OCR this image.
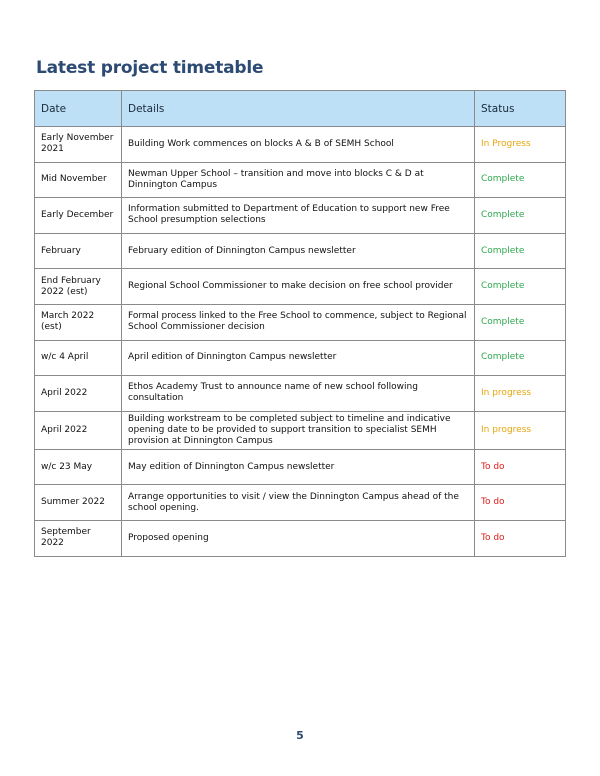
Latest project timetable
Date	Details	Status
Early November 2021	Building Work commences on blocks A & B of SEMH School	In Progress
Mid November	Newman Upper School – transition and move into blocks C & D at Dinnington Campus	Complete
Early December	Information submitted to Department of Education to support new Free School presumption selections	Complete
February	February edition of Dinnington Campus newsletter	Complete
End February 2022 (est)	Regional School Commissioner to make decision on free school provider	Complete
March 2022 (est)	Formal process linked to the Free School to commence, subject to Regional School Commissioner decision	Complete
w/c 4 April	April edition of Dinnington Campus newsletter	Complete
April 2022	Ethos Academy Trust to announce name of new school following consultation	In progress
April 2022	Building workstream to be completed subject to timeline and indicative opening date to be provided to support transition to specialist SEMH provision at Dinnington Campus	In progress
w/c 23 May	May edition of Dinnington Campus newsletter	To do
Summer 2022	Arrange opportunities to visit / view the Dinnington Campus ahead of the school opening.	To do
September 2022	Proposed opening	To do
5
